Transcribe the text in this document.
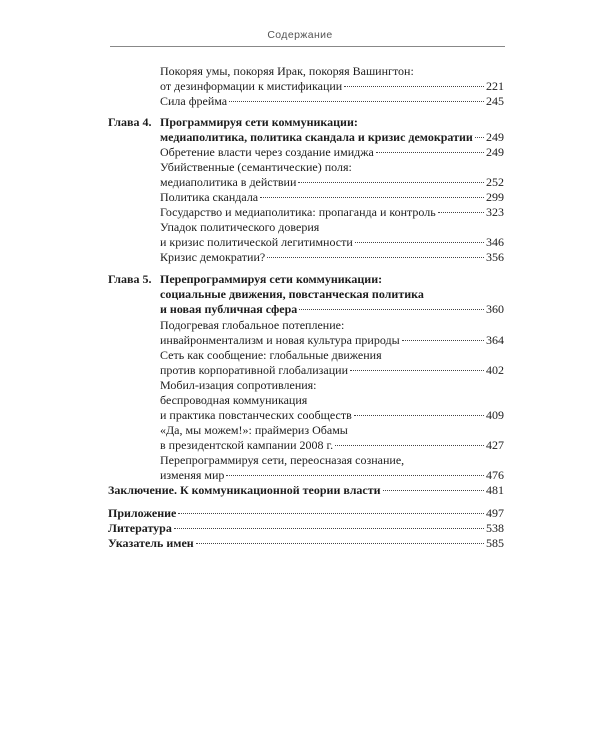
Содержание
Покоряя умы, покоряя Ирак, покоряя Вашингтон:
от дезинформации к мистификации	221
Сила фрейма	245
Глава 4. Программируя сети коммуникации:
медиаполитика, политика скандала и кризис демократии 249
Обретение власти через создание имиджа	249
Убийственные (семантические) поля:
медиаполитика в действии	252
Политика скандала	299
Государство и медиаполитика: пропаганда и контроль	323
Упадок политического доверия
и кризис политической легитимности	346
Кризис демократии?	356
Глава 5. Перепрограммируя сети коммуникации:
социальные движения, повстанческая политика
и новая публичная сфера	360
Подогревая глобальное потепление:
инвайронментализм и новая культура природы	364
Сеть как сообщение: глобальные движения
против корпоративной глобализации	402
Мобил-изация сопротивления:
беспроводная коммуникация
и практика повстанческих сообществ	409
«Да, мы можем!»: праймериз Обамы
в президентской кампании 2008 г.	427
Перепрограммируя сети, переосназая сознание,
изменяя мир	476
Заключение. К коммуникационной теории власти	481
Приложение	497
Литература	538
Указатель имен	585
